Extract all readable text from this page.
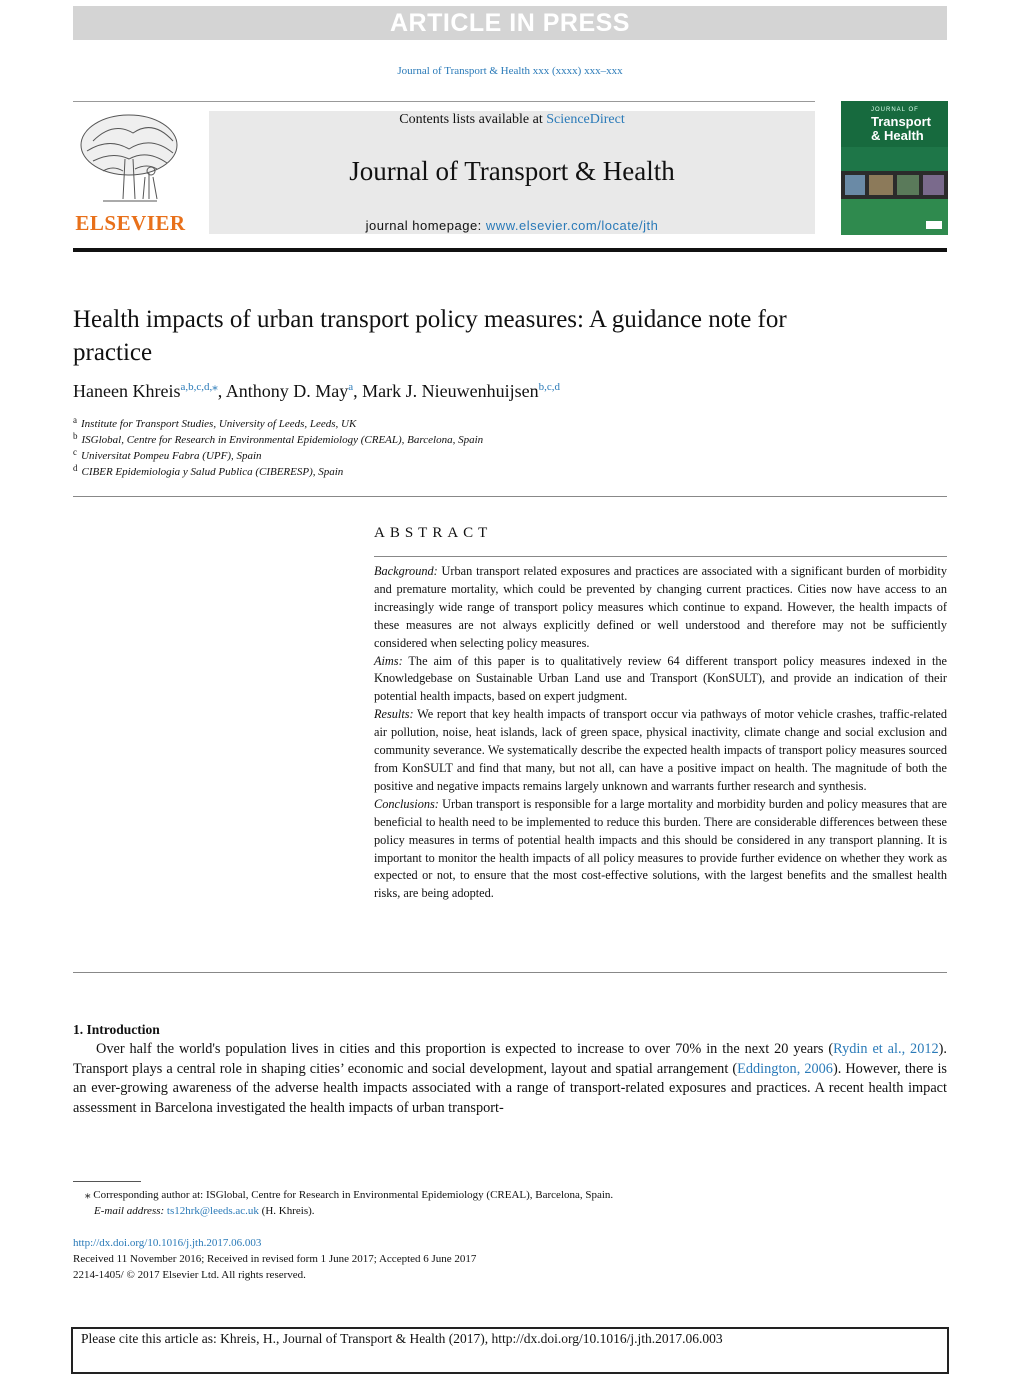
ARTICLE IN PRESS
Journal of Transport & Health xxx (xxxx) xxx–xxx
ELSEVIER
Contents lists available at ScienceDirect
Journal of Transport & Health
journal homepage: www.elsevier.com/locate/jth
JOURNAL OF
Transport
& Health
Health impacts of urban transport policy measures: A guidance note for practice
Haneen Khreis$^{a,b,c,d,⁎}$, Anthony D. May$^a$, Mark J. Nieuwenhuijsen$^{b,c,d}$
$^a$ Institute for Transport Studies, University of Leeds, Leeds, UK
$^b$ ISGlobal, Centre for Research in Environmental Epidemiology (CREAL), Barcelona, Spain
$^c$ Universitat Pompeu Fabra (UPF), Spain
$^d$ CIBER Epidemiologia y Salud Publica (CIBERESP), Spain
ABSTRACT

Background: Urban transport related exposures and practices are associated with a significant burden of morbidity and premature mortality, which could be prevented by changing current practices. Cities now have access to an increasingly wide range of transport policy measures which continue to expand. However, the health impacts of these measures are not always explicitly defined or well understood and therefore may not be sufficiently considered when selecting policy measures.

Aims: The aim of this paper is to qualitatively review 64 different transport policy measures indexed in the Knowledgebase on Sustainable Urban Land use and Transport (KonSULT), and provide an indication of their potential health impacts, based on expert judgment.

Results: We report that key health impacts of transport occur via pathways of motor vehicle crashes, traffic-related air pollution, noise, heat islands, lack of green space, physical inactivity, climate change and social exclusion and community severance. We systematically describe the expected health impacts of transport policy measures sourced from KonSULT and find that many, but not all, can have a positive impact on health. The magnitude of both the positive and negative impacts remains largely unknown and warrants further research and synthesis.

Conclusions: Urban transport is responsible for a large mortality and morbidity burden and policy measures that are beneficial to health need to be implemented to reduce this burden. There are considerable differences between these policy measures in terms of potential health impacts and this should be considered in any transport planning. It is important to monitor the health impacts of all policy measures to provide further evidence on whether they work as expected or not, to ensure that the most cost-effective solutions, with the largest benefits and the smallest health risks, are being adopted.

1. Introduction

Over half the world's population lives in cities and this proportion is expected to increase to over 70% in the next 20 years (Rydin et al., 2012). Transport plays a central role in shaping cities’ economic and social development, layout and spatial arrangement (Eddington, 2006). However, there is an ever-growing awareness of the adverse health impacts associated with a range of transport-related exposures and practices. A recent health impact assessment in Barcelona investigated the health impacts of urban transport-

⁎ Corresponding author at: ISGlobal, Centre for Research in Environmental Epidemiology (CREAL), Barcelona, Spain.
E-mail address: ts12hrk@leeds.ac.uk (H. Khreis).
http://dx.doi.org/10.1016/j.jth.2017.06.003
Received 11 November 2016; Received in revised form 1 June 2017; Accepted 6 June 2017
2214-1405/ © 2017 Elsevier Ltd. All rights reserved.
Please cite this article as: Khreis, H., Journal of Transport & Health (2017), http://dx.doi.org/10.1016/j.jth.2017.06.003
